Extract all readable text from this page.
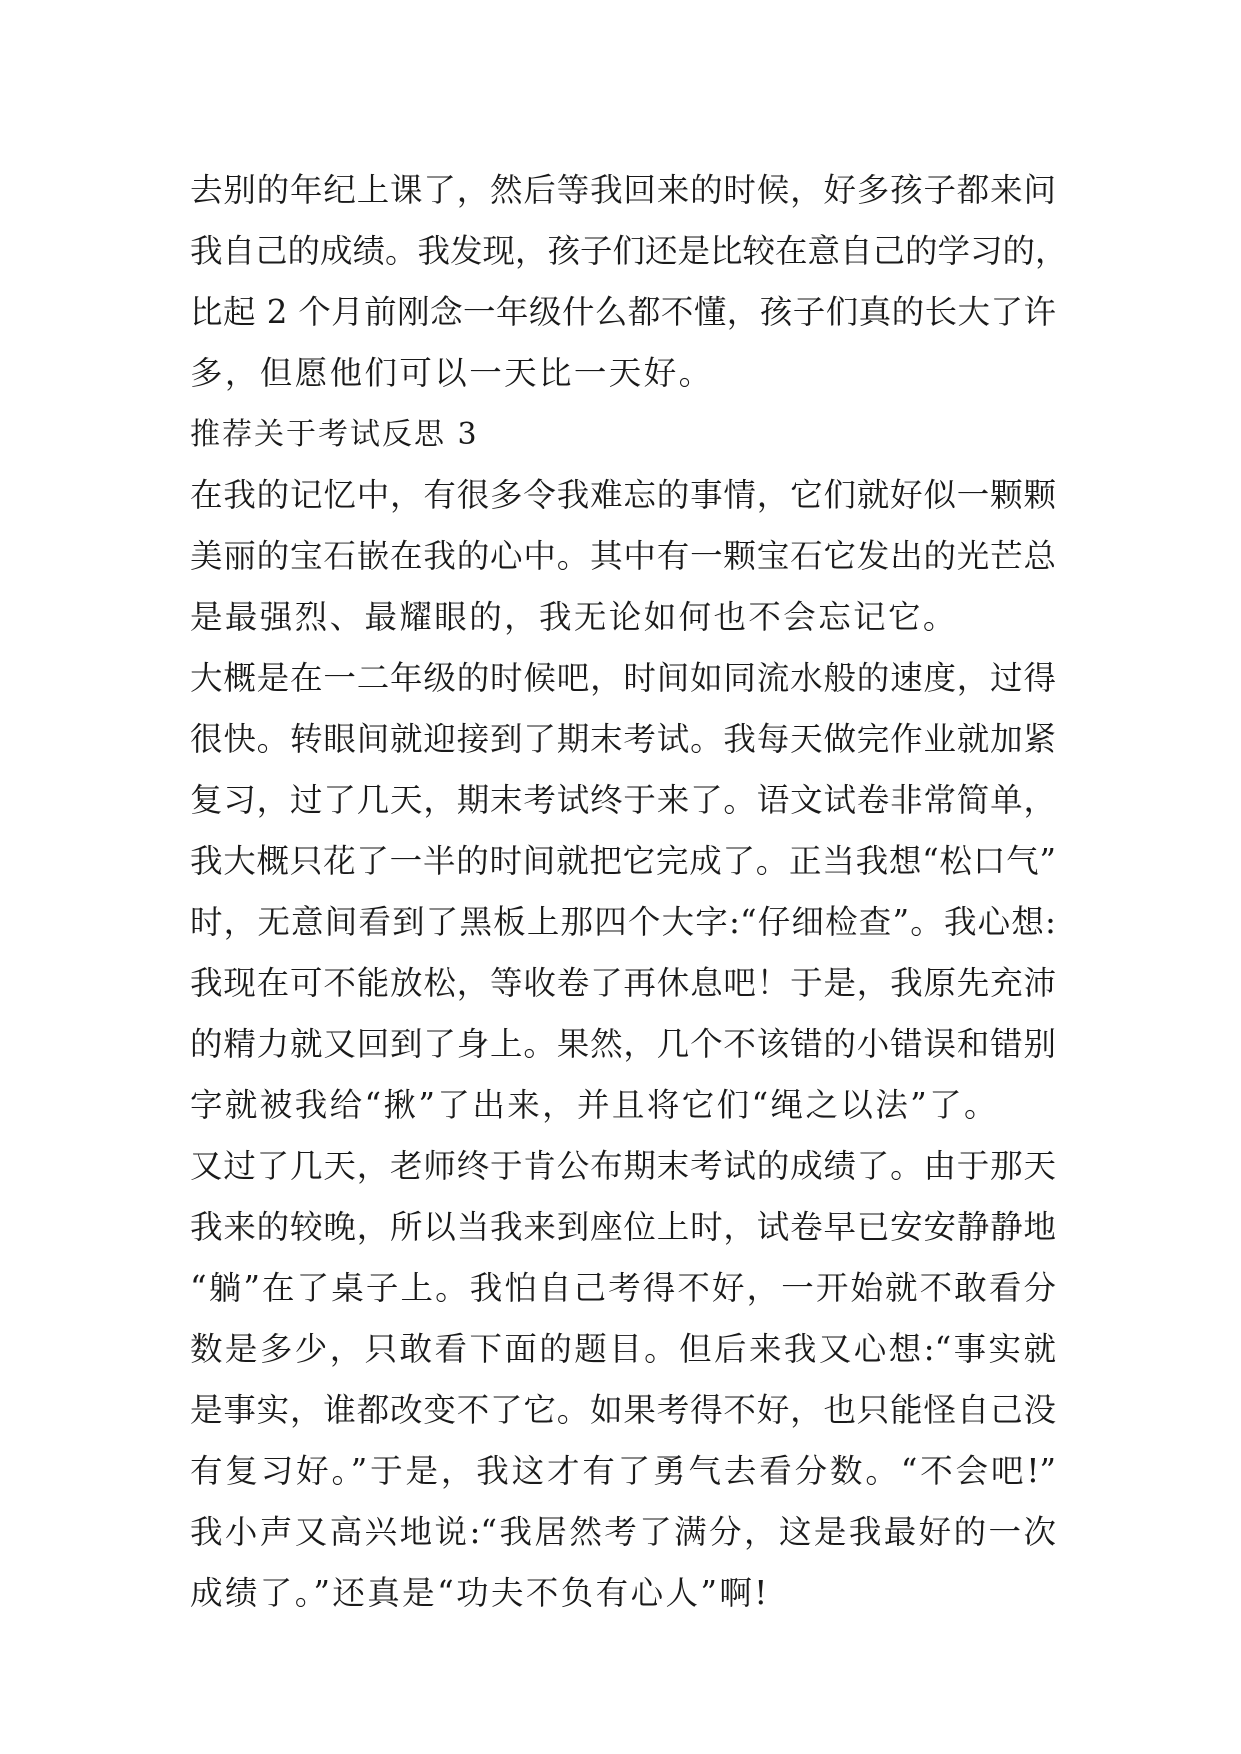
去别的年纪上课了，然后等我回来的时候，好多孩子都来问
我自己的成绩。我发现，孩子们还是比较在意自己的学习的，
比起 2 个月前刚念一年级什么都不懂，孩子们真的长大了许
多，但愿他们可以一天比一天好。
推荐关于考试反思 3
在我的记忆中，有很多令我难忘的事情，它们就好似一颗颗
美丽的宝石嵌在我的心中。其中有一颗宝石它发出的光芒总
是最强烈、最耀眼的，我无论如何也不会忘记它。
大概是在一二年级的时候吧，时间如同流水般的速度，过得
很快。转眼间就迎接到了期末考试。我每天做完作业就加紧
复习，过了几天，期末考试终于来了。语文试卷非常简单，
我大概只花了一半的时间就把它完成了。正当我想“松口气”
时，无意间看到了黑板上那四个大字:“仔细检查”。我心想:
我现在可不能放松，等收卷了再休息吧！于是，我原先充沛
的精力就又回到了身上。果然，几个不该错的小错误和错别
字就被我给“揪”了出来，并且将它们“绳之以法”了。
又过了几天，老师终于肯公布期末考试的成绩了。由于那天
我来的较晚，所以当我来到座位上时，试卷早已安安静静地
“躺”在了桌子上。我怕自己考得不好，一开始就不敢看分
数是多少，只敢看下面的题目。但后来我又心想:“事实就
是事实，谁都改变不了它。如果考得不好，也只能怪自己没
有复习好。”于是，我这才有了勇气去看分数。“不会吧!”
我小声又高兴地说:“我居然考了满分，这是我最好的一次
成绩了。”还真是“功夫不负有心人”啊!
